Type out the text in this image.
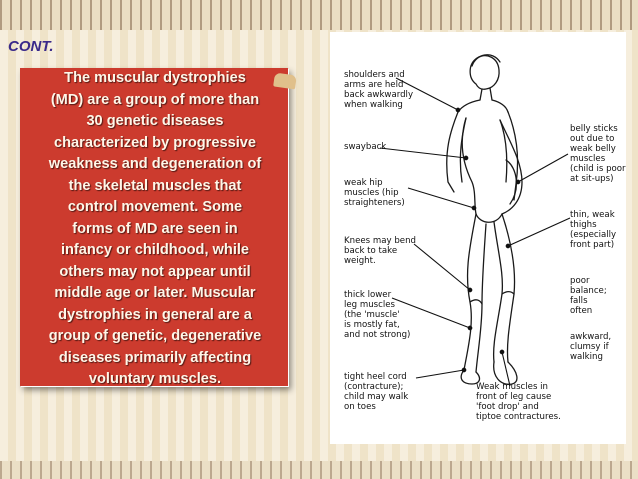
CONT.
The muscular dystrophies
(MD) are a group of more than
30 genetic diseases
characterized by progressive
weakness and degeneration of
the skeletal muscles that
control movement. Some
forms of MD are seen in
infancy or childhood, while
others may not appear until
middle age or later. Muscular
dystrophies in general are a
group of genetic, degenerative
diseases primarily affecting
voluntary muscles.

shoulders and
arms are held
back awkwardly
when walking

swayback

weak hip
muscles (hip
straighteners)

Knees may bend
back to take
weight.

thick lower
leg muscles
(the 'muscle'
is mostly fat,
and not strong)

tight heel cord
(contracture);
child may walk
on toes

belly sticks
out due to
weak belly
muscles
(child is poor
at sit-ups)

thin, weak
thighs
(especially
front part)

poor
balance;
falls
often

awkward,
clumsy if
walking

Weak muscles in
front of leg cause
'foot drop' and
tiptoe contractures.
